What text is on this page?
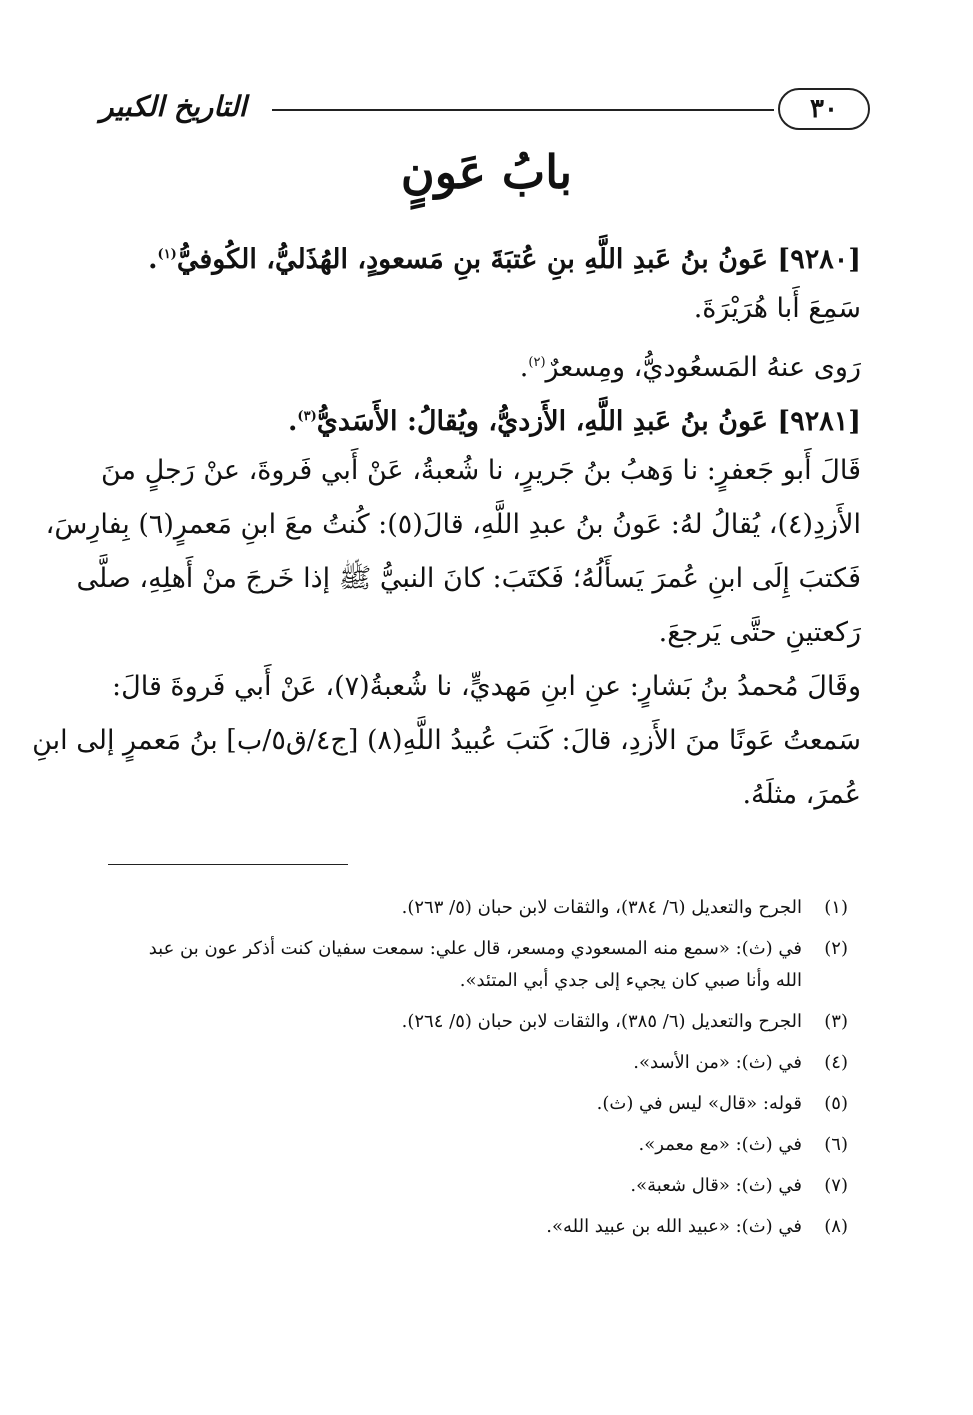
٣٠
التاريخ الكبير
بابُ عَونٍ
[٩٢٨٠] عَونُ بنُ عَبدِ اللَّهِ بنِ عُتبَةَ بنِ مَسعودٍ، الهُذَليُّ، الكُوفيُّ$^{(١)}$.
سَمِعَ أَبا هُرَيْرَةَ.
رَوى عنهُ المَسعُوديُّ، ومِسعرٌ$^{(٢)}$.
[٩٢٨١] عَونُ بنُ عَبدِ اللَّهِ، الأَزديُّ، ويُقالُ: الأَسَديُّ$^{(٣)}$.
قَالَ أَبو جَعفرٍ: نا وَهبُ بنُ جَريرٍ، نا شُعبةُ، عَنْ أَبي فَروةَ، عنْ رَجلٍ منَ
الأَزدِ(٤)، يُقالُ لهُ: عَونُ بنُ عبدِ اللَّهِ، قالَ(٥): كُنتُ معَ ابنِ مَعمرٍ(٦) بِفارِسَ،
فَكتبَ إِلَى ابنِ عُمرَ يَسأَلُهُ؛ فَكتَبَ: كانَ النبيُّ ﷺ إذا خَرجَ منْ أَهلِهِ، صلَّى
رَكعتينِ حتَّى يَرجعَ.
وقَالَ مُحمدُ بنُ بَشارٍ: عنِ ابنِ مَهديٍّ، نا شُعبةُ(٧)، عَنْ أَبي فَروةَ قالَ:
سَمعتُ عَونًا منَ الأَزدِ، قالَ: كَتبَ عُبيدُ اللَّهِ(٨) [ج٤/ق٥/ب] بنُ مَعمرٍ إلى ابنِ
عُمرَ، مثلَهُ.
(١)
الجرح والتعديل (٦/ ٣٨٤)، والثقات لابن حبان (٥/ ٢٦٣).
(٢)
في (ث): «سمع منه المسعودي ومسعر، قال علي: سمعت سفيان كنت أذكر عون بن عبد الله وأنا صبي كان يجيء إلى جدي أبي المتئد».
(٣)
الجرح والتعديل (٦/ ٣٨٥)، والثقات لابن حبان (٥/ ٢٦٤).
(٤)
في (ث): «من الأسد».
(٥)
قوله: «قال» ليس في (ث).
(٦)
في (ث): «مع معمر».
(٧)
في (ث): «قال شعبة».
(٨)
في (ث): «عبيد الله بن عبيد الله».
